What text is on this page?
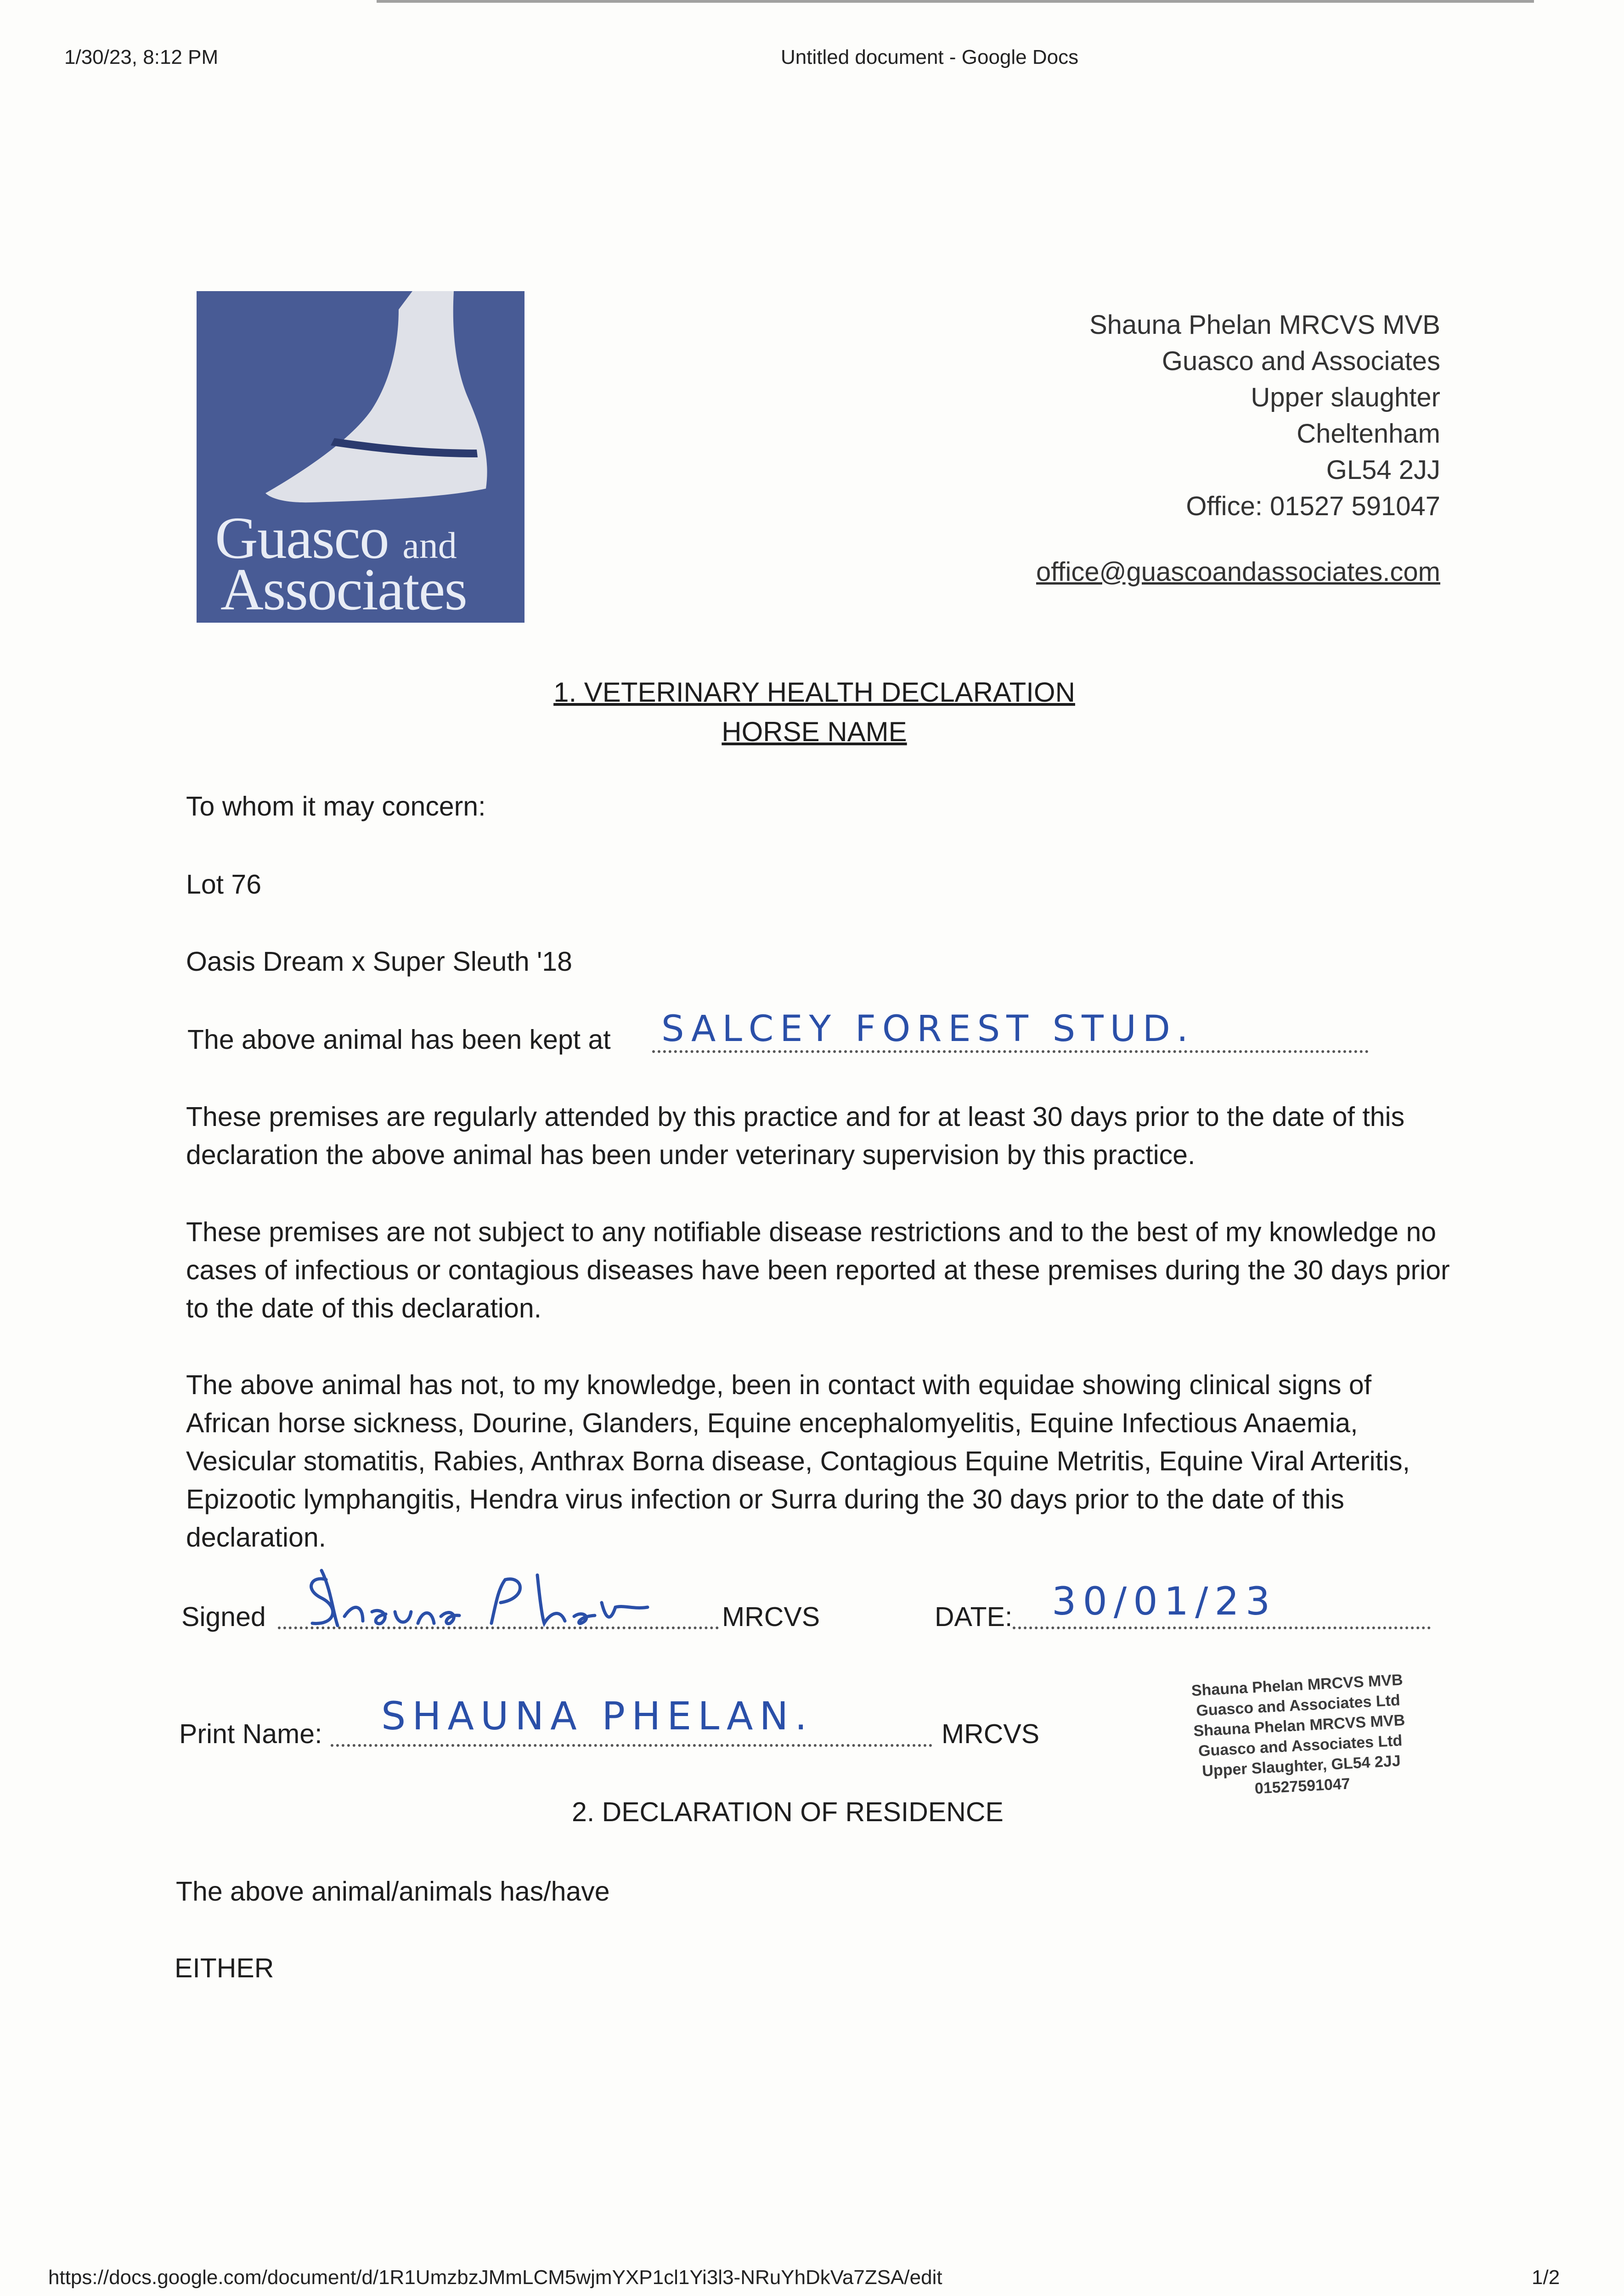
1/30/23, 8:12 PM	Untitled document - Google Docs
Guasco and
Associates
Shauna Phelan MRCVS MVB
Guasco and Associates
Upper slaughter
Cheltenham
GL54 2JJ
Office: 01527 591047
office@guascoandassociates.com
1. VETERINARY HEALTH DECLARATION
HORSE NAME
To whom it may concern:
Lot 76
Oasis Dream x Super Sleuth '18
The above animal has been kept at SALCEY FOREST STUD.
These premises are regularly attended by this practice and for at least 30 days prior to the date of this declaration the above animal has been under veterinary supervision by this practice.
These premises are not subject to any notifiable disease restrictions and to the best of my knowledge no cases of infectious or contagious diseases have been reported at these premises during the 30 days prior to the date of this declaration.
The above animal has not, to my knowledge, been in contact with equidae showing clinical signs of African horse sickness, Dourine, Glanders, Equine encephalomyelitis, Equine Infectious Anaemia, Vesicular stomatitis, Rabies, Anthrax Borna disease, Contagious Equine Metritis, Equine Viral Arteritis, Epizootic lymphangitis, Hendra virus infection or Surra during the 30 days prior to the date of this declaration.
Signed	MRCVS	DATE: 30/01/23
Print Name: SHAUNA PHELAN.	MRCVS
Shauna Phelan MRCVS MVB
Guasco and Associates Ltd
Shauna Phelan MRCVS MVB
Guasco and Associates Ltd
Upper Slaughter, GL54 2JJ
01527591047
2. DECLARATION OF RESIDENCE
The above animal/animals has/have
EITHER
https://docs.google.com/document/d/1R1UmzbzJMmLCM5wjmYXP1cl1Yi3l3-NRuYhDkVa7ZSA/edit	1/2
